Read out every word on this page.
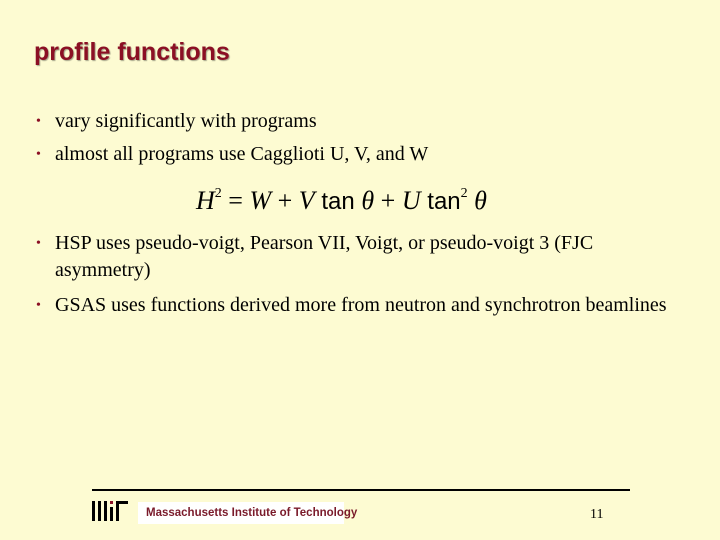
profile functions
• vary significantly with programs
• almost all programs use Cagglioti U, V, and W
$H^2 = W + V$ tan θ + U $\tan^2 \theta$
• HSP uses pseudo-voigt, Pearson VII, Voigt, or pseudo-voigt 3 (FJC asymmetry)
• GSAS uses functions derived more from neutron and synchrotron beamlines
Massachusetts Institute of Technology	11
